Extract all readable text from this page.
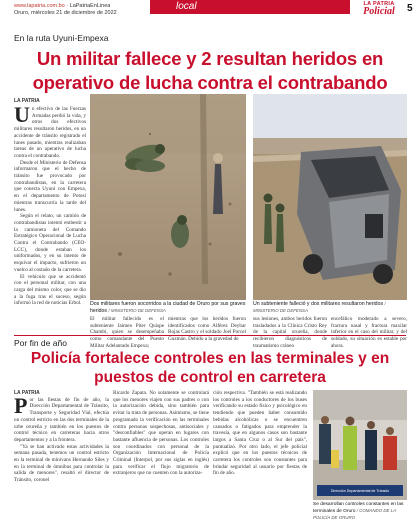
www.lapatria.com.bo · LaPatriaEnLinea
Oruro, miércoles 21 de diciembre de 2022
local	LA PATRIA
Policial	5
En la ruta Uyuni-Empexa
Un militar fallece y 2 resultan heridos en operativo de lucha contra el contrabando
LA PATRIA
Un efectivo de las Fuerzas Armadas perdió la vida, y otros dos efectivos militares resultaron heridos, en un accidente de tránsito registrado el lunes pasado, mientras realizaban tareas de un operativo de lucha contra el contrabando.
Desde el Ministerio de Defensa informaron que el hecho de tránsito fue provocado por contrabandistas, en la carretera que conecta Uyuni con Empexa, en el departamento de Potosí mientras transcurría la tarde del lunes.
Según el relato, un camión de contrabandistas intentó embestir a la camioneta del Comando Estratégico Operacional de Lucha Contra el Contrabando (CEO-LCC), donde estaban los uniformados, y en su intento de esquivar el impacto, sufrieron un vuelco al costado de la carretera.
El vehículo que se accidentó con el personal militar, con una carga del mismo color, que se dio a la fuga tras el suceso, según informó la red de noticias Erbol.	Dos militares fueron socorridos a la ciudad de Oruro por sus graves heridos / MINISTERIO DE DEFENSA
Un subteniente falleció y dos militares resultaron heridos / MINISTERIO DE DEFENSA
El militar fallecido es el subteniente Jaimen Piter Quispe Chambi, quien se desempeñaba como comandante del Puesto Militar Adelantado Empexa;
mientras que los heridos fueron identificados como Alférez Deybar Rojas Castro y el soldado Joel Porcel Guzmán. Debido a la gravedad de
sus lesiones, ambos heridos fueron trasladados a la Clínica Cristo Rey de la capital orureña, donde recibieron diagnósticos de traumatismo cráneo
encefálico moderado a severo, fractura nasal y fractura maxilar inferior en el caso del militar, y del soldado, su situación es estable por ahora.
Por fin de año
Policía fortalece controles en las terminales y en puestos de control en carretera
LA PATRIA
P or las fiestas de fin de año, la Dirección Departamental de Tránsito, Transporte y Seguridad Vial, efectúa un control estricto en las dos terminales de la urbe orureña y también en los puestos de control técnico en carreteras hacia otros departamentos y a la frontera.
"Ya se han activado estas actividades la semana pasada, tenemos un control estricto en la terminal de minivans Hernando Siles y en la terminal de ómnibus para controlar la salida de menores", resaltó el director de Tránsito, coronel
Ricardo Zapata. No solamente se controlará que los menores viajen con sus padres o con la autorización debida, sino también para evitar la trata de personas. Asimismo, se tiene programado la verificación en las terminales contra personas sospechosas, antisociales y "desconfiables" que operan en lugares con bastante afluencia de personas. Los controles son coordinados con personal de la Organización Internacional de Policía Criminal (Interpol, por sus siglas en inglés) para verificar el flujo migratorio de extranjeros que no cuenten con la autoriza-
ción respectiva. "También se está realizando los controles a los conductores de los buses verificando su estado físico y psicológico en tendiendo que pueden haber consumido bebidas alcohólicas o se encuentren cansados o fatigados para emprender la travesía, que en algunos casos son bastante largos a Santa Cruz o al Sur del país", puntualizó. Por otro lado, el jefe policial explicó que en los puestos técnicos de carretera los controles son constantes para brindar seguridad al usuario por fiestas de fin de año.
Dirección Departamental de Tránsito
Se desarrollan controles constantes en las terminales de Oruro / COMANDO DE LA POLICÍA DE ORURO
